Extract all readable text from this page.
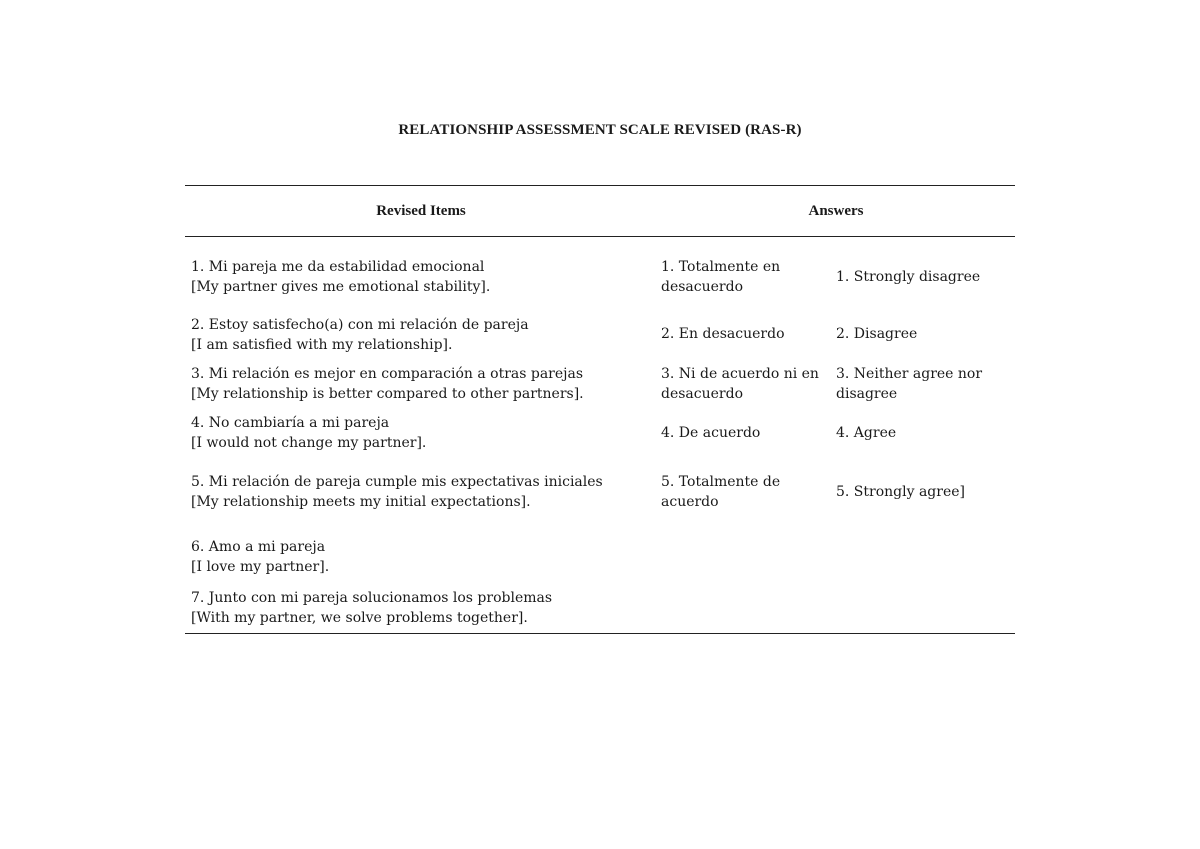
RELATIONSHIP ASSESSMENT SCALE REVISED (RAS-R)
Revised Items	Answers
1. Mi pareja me da estabilidad emocional
[My partner gives me emotional stability].
2. Estoy satisfecho(a) con mi relación de pareja
[I am satisfied with my relationship].
3. Mi relación es mejor en comparación a otras parejas
[My relationship is better compared to other partners].
4. No cambiaría a mi pareja
[I would not change my partner].
5. Mi relación de pareja cumple mis expectativas iniciales
[My relationship meets my initial expectations].
6. Amo a mi pareja
[I love my partner].
7. Junto con mi pareja solucionamos los problemas
[With my partner, we solve problems together].
1. Totalmente en desacuerdo
2. En desacuerdo
3. Ni de acuerdo ni en desacuerdo
4. De acuerdo
5. Totalmente de acuerdo
1. Strongly disagree
2. Disagree
3. Neither agree nor disagree
4. Agree
5. Strongly agree]
